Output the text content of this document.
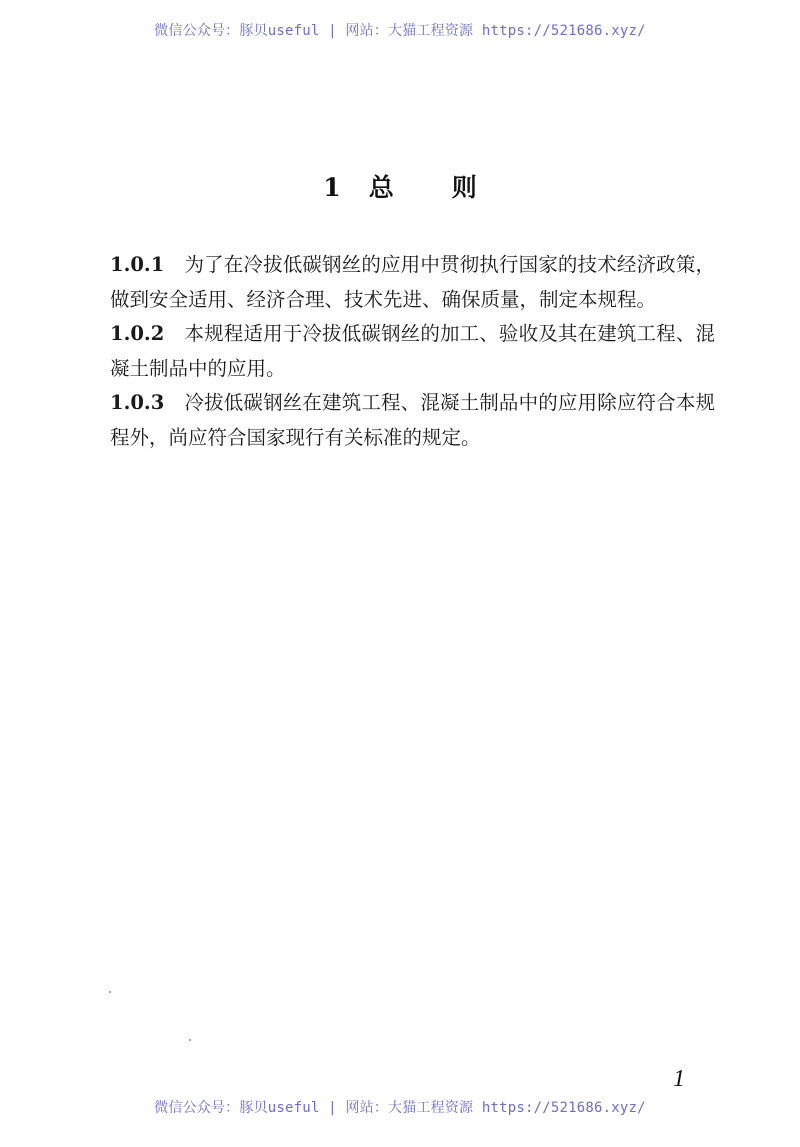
微信公众号：豚贝useful | 网站：大猫工程资源 https://521686.xyz/
1 总 则

1.0.1 为了在冷拔低碳钢丝的应用中贯彻执行国家的技术经济政策，做到安全适用、经济合理、技术先进、确保质量，制定本规程。

1.0.2 本规程适用于冷拔低碳钢丝的加工、验收及其在建筑工程、混凝土制品中的应用。

1.0.3 冷拔低碳钢丝在建筑工程、混凝土制品中的应用除应符合本规程外，尚应符合国家现行有关标准的规定。

1
微信公众号：豚贝useful | 网站：大猫工程资源 https://521686.xyz/
